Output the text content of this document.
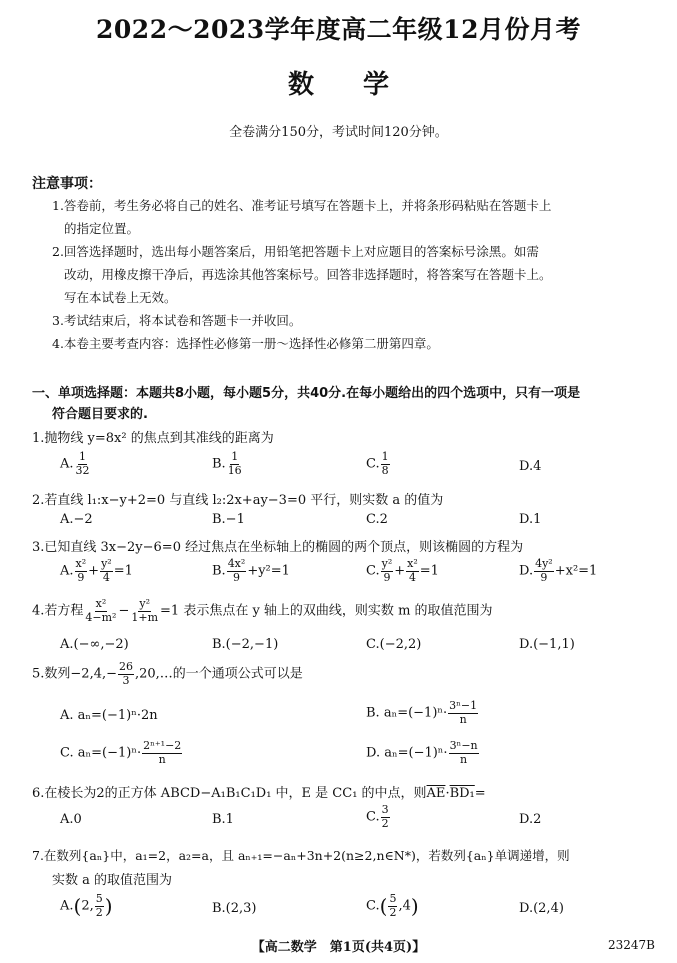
2022～2023学年度高二年级12月份月考
数 学
全卷满分150分，考试时间120分钟。
注意事项：
1.答卷前，考生务必将自己的姓名、准考证号填写在答题卡上，并将条形码粘贴在答题卡上
的指定位置。
2.回答选择题时，选出每小题答案后，用铅笔把答题卡上对应题目的答案标号涂黑。如需
改动，用橡皮擦干净后，再选涂其他答案标号。回答非选择题时，将答案写在答题卡上。
写在本试卷上无效。
3.考试结束后，将本试卷和答题卡一并收回。
4.本卷主要考查内容：选择性必修第一册～选择性必修第二册第四章。
一、单项选择题：本题共8小题，每小题5分，共40分.在每小题给出的四个选项中，只有一项是
符合题目要求的.
1.抛物线 y=8x² 的焦点到其准线的距离为
A. $\frac{1}{32}$	B. $\frac{1}{16}$	C. $\frac{1}{8}$	D.4
2.若直线 l₁:x−y+2=0 与直线 l₂:2x+ay−3=0 平行，则实数 a 的值为
A.−2	B.−1	C.2	D.1
3.已知直线 3x−2y−6=0 经过焦点在坐标轴上的椭圆的两个顶点，则该椭圆的方程为
A. $\frac{\text{x²}}{9} + \frac{\text{y²}}{4} =1$	B. $\frac{\text{4x²}}{9} +y^2=1$	C. $\frac{\text{y²}}{9} + \frac{\text{x²}}{4} =1$	D. $\frac{\text{4y²}}{9} +x^2=1$
4.若方程 $\frac{\text{x²}}{\text{4−m²}} - \frac{\text{y²}}{1+m} =1$ 表示焦点在 y 轴上的双曲线，则实数 m 的取值范围为
A.(−∞,−2)	B.(−2,−1)	C.(−2,2)	D.(−1,1)
5.数列$-2,4,- \frac{26}{3}$ ,20,…的一个通项公式可以是
A. aₙ=(−1)ⁿ·2n	B. $a_n=(-1)^n\cdot \frac{\text{3ⁿ−1}}{n}$
C. $a_n=(-1)^n\cdot \frac{\text{2ⁿ⁺¹−2}}{n}$	D. $a_n=(-1)^n\cdot \frac{\text{3ⁿ−n}}{n}$
6.在棱长为2的正方体 ABCD−A₁B₁C₁D₁ 中，E 是 CC₁ 的中点，则$\overline{AE}\cdot BD_1=$
A.0	B.1	C. $\frac{3}{2}$	D.2
7.在数列{aₙ}中，a₁=2，a₂=a，且 aₙ₊₁=−aₙ+3n+2(n≥2,n∈N*)，若数列{aₙ}单调递增，则
实数 a 的取值范围为
A.(2, $\frac{5}{2}$ )	B.(2,3)	$C.( \frac{5}{2} ,4)$	D.(2,4)
【高二数学　第1页(共4页)】	23247B
